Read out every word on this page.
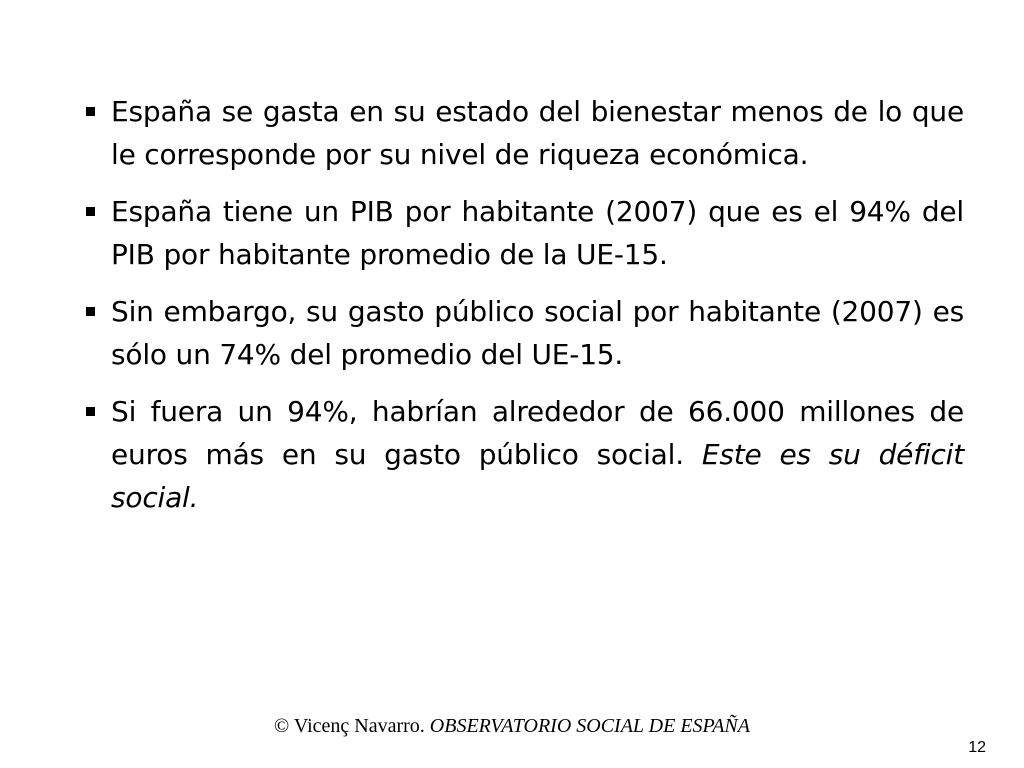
España se gasta en su estado del bienestar menos de lo que le corresponde por su nivel de riqueza económica.
España tiene un PIB por habitante (2007) que es el 94% del PIB por habitante promedio de la UE-15.
Sin embargo, su gasto público social por habitante (2007) es sólo un 74% del promedio del UE-15.
Si fuera un 94%, habrían alrededor de 66.000 millones de euros más en su gasto público social. Este es su déficit social.
© Vicenç Navarro. OBSERVATORIO SOCIAL DE ESPAÑA
12
